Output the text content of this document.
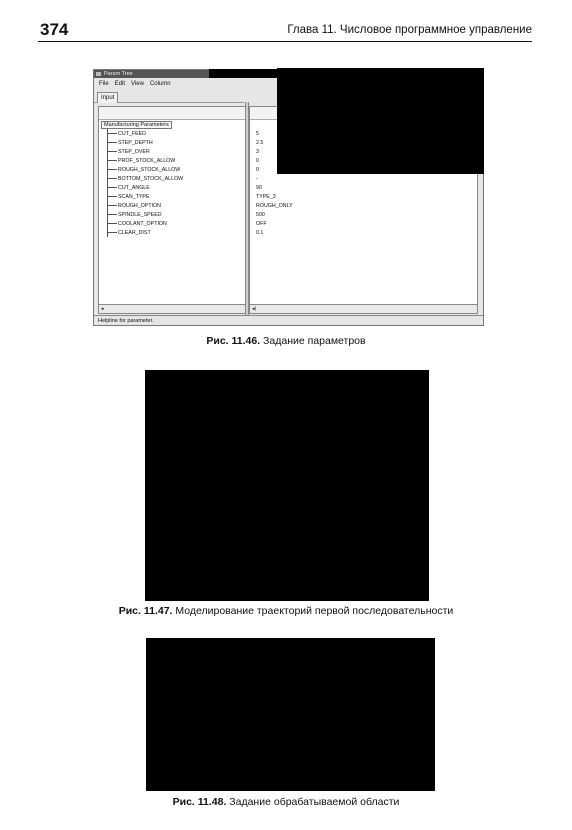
374	Глава 11. Числовое программное управление
Param Tree
File Edit View Column
Input
Manufacturing Parameters
CUT_FEED
STEP_DEPTH
STEP_OVER
PROF_STOCK_ALLOW
ROUGH_STOCK_ALLOW
BOTTOM_STOCK_ALLOW
CUT_ANGLE
SCAN_TYPE
ROUGH_OPTION
SPINDLE_SPEED
COOLANT_OPTION
CLEAR_DIST
◂
5
2.5
3
0
0
-
90
TYPE_3
ROUGH_ONLY
500
OFF
0.1
◂|
Helpline for parameter.
Рис. 11.46. Задание параметров
Рис. 11.47. Моделирование траекторий первой последовательности
Рис. 11.48. Задание обрабатываемой области
